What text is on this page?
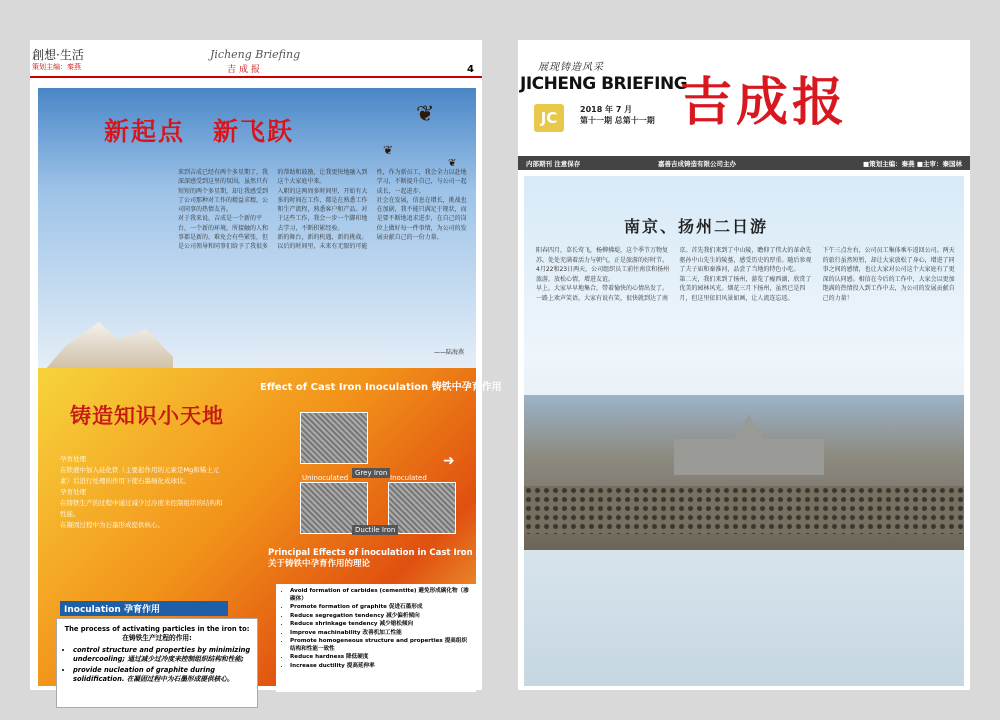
創想·生活
策划主编：秦燕
Jicheng Briefing
吉成报	4
新起点 新飞跃
❦
❦
❦
来到吉成已经有两个多星期了，我深深感受到这里的氛围。虽然只有短短的两个多星期，却让我感受到了公司那种对工作的精益求精，公司同事的热情友善。
对于我来说，吉成是一个新的平台，一个新的环境，所接触的人和事都是新的，难免会有些紧张，但是公司领导和同事们给予了我很多的帮助和鼓励，让我更快地融入到这个大家庭中来。
入职的这两周多时间里，开始有大多的时间在工作，都是在熟悉工作和生产流程，熟悉客户和产品。对于这些工作，我会一步一个脚印地去学习，不断积累经验。
新的舞台，新的机遇，新的挑战。以后的时间里，未来有无限的可能性，作为新员工，我会全力以赴地学习，不断提升自己，与公司一起成长，一起进步。
社会在发展，信息在增长，挑战也在加剧，我不能只满足于现状，而是要不断地追求进步，在自己的岗位上做好每一件事情，为公司的发展贡献自己的一份力量。
——陆海燕
铸造知识小天地
孕育处理
在铁液中加入硅化铁（主要起作用的元素是Mg和稀土元素）后进行处理的作用下使石墨细化成球状。
孕育处理
在铸铁生产的过程中通过减少过冷度来控制组织的结构和性能。
在凝固过程中为石墨形成提供核心。
Effect of Cast Iron Inoculation 铸铁中孕育作用
Grey Iron
Uninoculated	Inoculated
Ductile Iron
➜
Principal Effects of inoculation in Cast Iron 关于铸铁中孕育作用的理论
Inoculation 孕育作用
The process of activating particles in the iron to: 在铸铁生产过程的作用:
• control structure and properties by minimizing undercooling; 通过减少过冷度来控制组织结构和性能;
• provide nucleation of graphite during solidification. 在凝固过程中为石墨形成提供核心。
• Avoid formation of carbides (cementite) 避免形成碳化物（渗碳体）
• Promote formation of graphite 促进石墨形成
• Reduce segregation tendency 减少偏析倾向
• Reduce shrinkage tendency 减少缩松倾向
• Improve machinability 改善机加工性能
• Promote homogeneous structure and properties 提高组织结构和性能一致性
• Reduce hardness 降低硬度
• Increase ductility 提高延伸率
展现铸造风采
JICHENG BRIEFING
JC	2018 年 7 月
第十一期 总第十一期 吉成报
内部期刊 注意保存	嘉善吉成铸造有限公司主办	■策划主编：秦燕 ■主审：秦国林
南京、扬州二日游
阳春四月，草长莺飞，杨柳拂堤，这个季节万物复苏。处处充满着活力与朝气，正是旅游的好时节。4月22和23日两天，公司组织员工前往南京和扬州旅游，放松心情，增进友谊。
早上，大家早早地集合，带着愉快的心情出发了。一路上欢声笑语，大家有说有笑，很快就到达了南京。首先我们来到了中山陵，瞻仰了伟大的革命先驱孙中山先生的陵墓，感受历史的厚重。随后参观了夫子庙和秦淮河，品尝了当地的特色小吃。
第二天，我们来到了扬州，游览了瘦西湖，欣赏了优美的园林风光。烟花三月下扬州，虽然已是四月，但这里依旧风景如画，让人流连忘返。
下午三点左右，公司员工集体乘车返回公司。两天的旅行虽然短暂，却让大家放松了身心，增进了同事之间的感情，也让大家对公司这个大家庭有了更深的认同感。相信在今后的工作中，大家会以更加饱满的热情投入到工作中去，为公司的发展贡献自己的力量！
